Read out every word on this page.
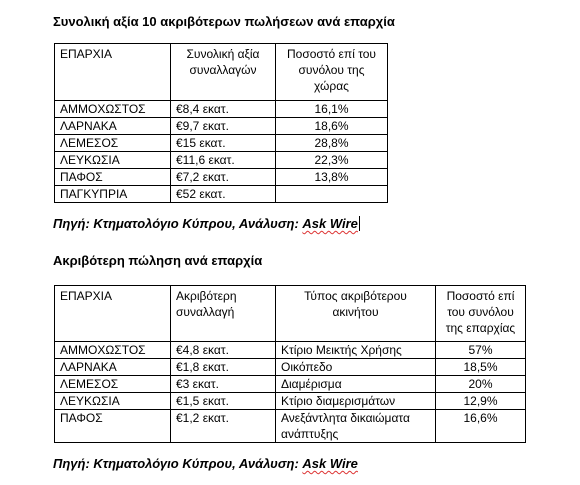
Συνολική αξία 10 ακριβότερων πωλήσεων ανά επαρχία
ΕΠΑΡΧΙΑ	Συνολική αξία συναλλαγών	Ποσοστό επί του συνόλου της χώρας
ΑΜΜΟΧΩΣΤΟΣ	€8,4 εκατ.	16,1%
ΛΑΡΝΑΚΑ	€9,7 εκατ.	18,6%
ΛΕΜΕΣΟΣ	€15 εκατ.	28,8%
ΛΕΥΚΩΣΙΑ	€11,6 εκατ.	22,3%
ΠΑΦΟΣ	€7,2 εκατ.	13,8%
ΠΑΓΚΥΠΡΙΑ	€52 εκατ.	
Πηγή: Κτηματολόγιο Κύπρου, Ανάλυση: Ask Wire
Ακριβότερη πώληση ανά επαρχία
ΕΠΑΡΧΙΑ	Ακριβότερη συναλλαγή	Τύπος ακριβότερου ακινήτου	Ποσοστό επί του συνόλου της επαρχίας
ΑΜΜΟΧΩΣΤΟΣ	€4,8 εκατ.	Κτίριο Μεικτής Χρήσης	57%
ΛΑΡΝΑΚΑ	€1,8 εκατ.	Οικόπεδο	18,5%
ΛΕΜΕΣΟΣ	€3 εκατ.	Διαμέρισμα	20%
ΛΕΥΚΩΣΙΑ	€1,5 εκατ.	Κτίριο διαμερισμάτων	12,9%
ΠΑΦΟΣ	€1,2 εκατ.	Ανεξάντλητα δικαιώματα ανάπτυξης	16,6%
Πηγή: Κτηματολόγιο Κύπρου, Ανάλυση: Ask Wire
